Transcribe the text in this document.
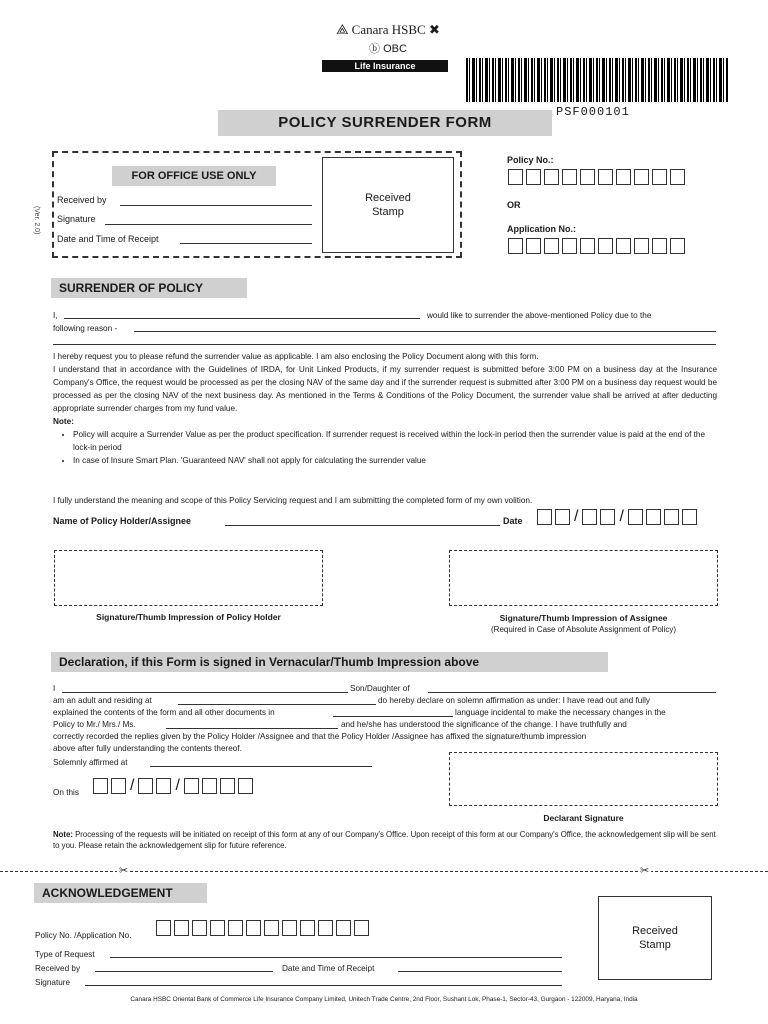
⟁ Canara HSBC ✖
ⓑ OBC
Life Insurance
PSF000101
POLICY SURRENDER FORM
FOR OFFICE USE ONLY
(Ver. 2.0)
Received by
Signature
Date and Time of Receipt
Received Stamp
Policy No.:
OR
Application No.:
SURRENDER OF POLICY
I,	would like to surrender the above-mentioned Policy due to the
following reason -
I hereby request you to please refund the surrender value as applicable. I am also enclosing the Policy Document along with this form.
I understand that in accordance with the Guidelines of IRDA, for Unit Linked Products, if my surrender request is submitted before 3:00 PM on a business day at the Insurance Company's Office, the request would be processed as per the closing NAV of the same day and if the surrender request is submitted after 3:00 PM on a business day request would be processed as per the closing NAV of the next business day. As mentioned in the Terms & Conditions of the Policy Document, the surrender value shall be arrived at after deducting appropriate surrender charges from my fund value.
Note:
• Policy will acquire a Surrender Value as per the product specification. If surrender request is received within the lock-in period then the surrender value is paid at the end of the lock-in period
• In case of Insure Smart Plan. 'Guaranteed NAV' shall not apply for calculating the surrender value
I fully understand the meaning and scope of this Policy Servicing request and I am submitting the completed form of my own volition.
Name of Policy Holder/Assignee	Date	/	/
Signature/Thumb Impression of Policy Holder	Signature/Thumb Impression of Assignee
(Required in Case of Absolute Assignment of Policy)
Declaration, if this Form is signed in Vernacular/Thumb Impression above
I	Son/Daughter of
am an adult and residing at	do hereby declare on solemn affirmation as under: I have read out and fully
explained the contents of the form and all other documents in	language incidental to make the necessary changes in the
Policy to Mr./ Mrs./ Ms.	and he/she has understood the significance of the change. I have truthfully and
correctly recorded the replies given by the Policy Holder /Assignee and that the Policy Holder /Assignee has affixed the signature/thumb impression
above after fully understanding the contents thereof.
Solemnly affirmed at
On this	/	/
Declarant Signature
Note: Processing of the requests will be initiated on receipt of this form at any of our Company's Office. Upon receipt of this form at our Company's Office, the acknowledgement slip will be sent to you. Please retain the acknowledgement slip for future reference.
✂	✂
ACKNOWLEDGEMENT
Policy No. /Application No.
Type of Request
Received by	Date and Time of Receipt
Signature
Received Stamp
Canara HSBC Oriental Bank of Commerce Life Insurance Company Limited, Unitech Trade Centre, 2nd Floor, Sushant Lok, Phase-1, Sector-43, Gurgaon - 122009, Haryana, India
